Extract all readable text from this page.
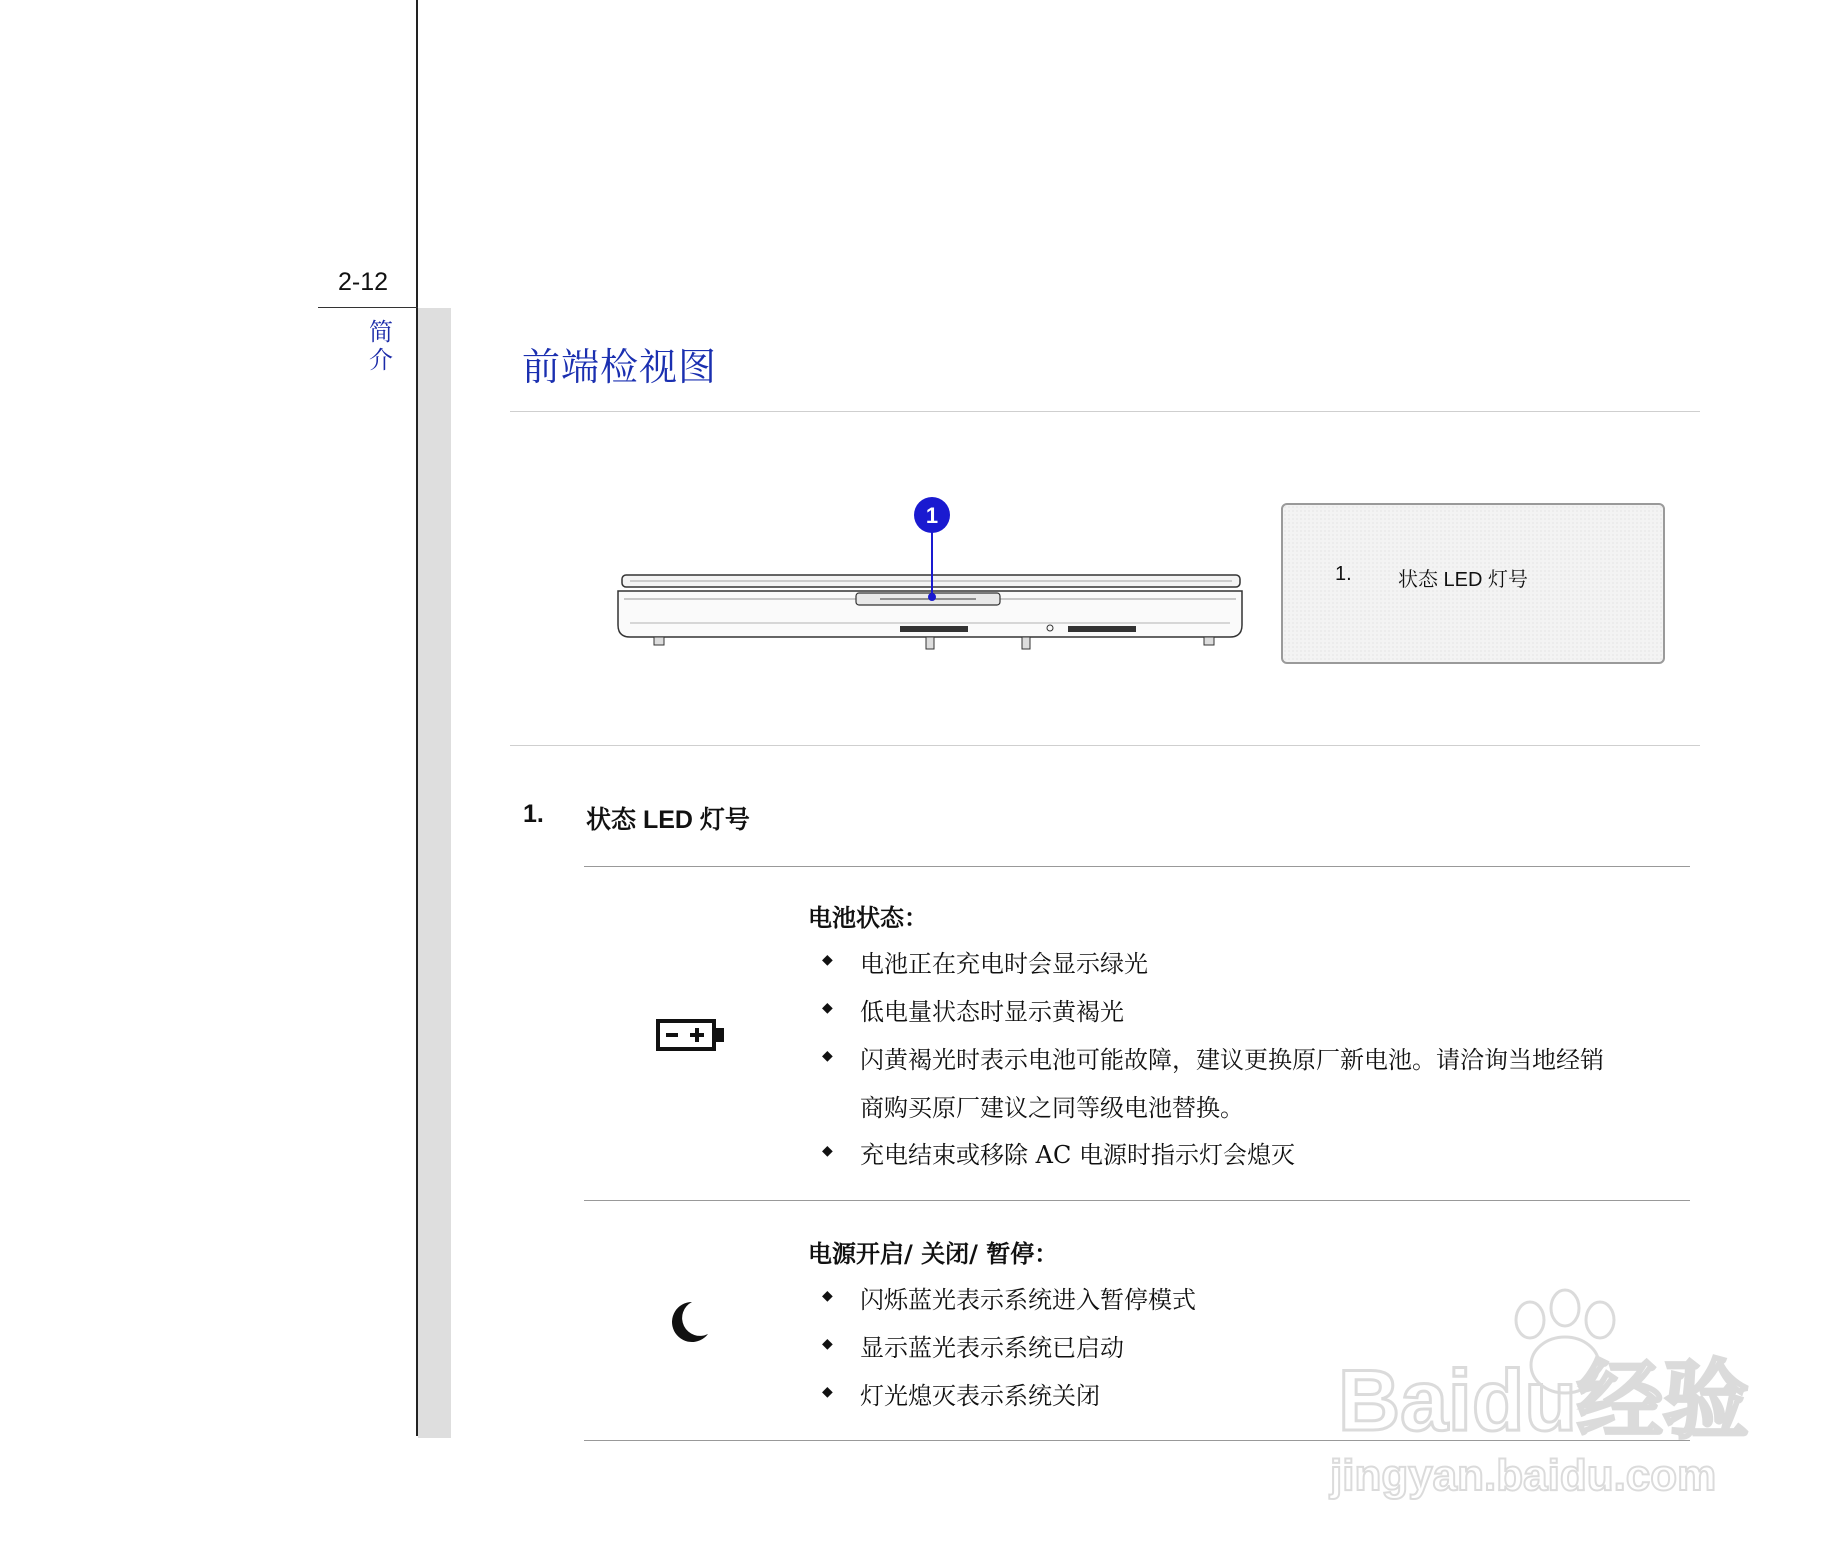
2-12
简介	前端检视图
1
1. 状态 LED 灯号
1. 状态 LED 灯号
电池状态：
◆ 电池正在充电时会显示绿光
◆ 低电量状态时显示黄褐光
◆ 闪黄褐光时表示电池可能故障，建议更换原厂新电池。请洽询当地经销
商购买原厂建议之同等级电池替换。
◆ 充电结束或移除 AC 电源时指示灯会熄灭
电源开启/ 关闭/ 暂停：
◆ 闪烁蓝光表示系统进入暂停模式
◆ 显示蓝光表示系统已启动
◆ 灯光熄灭表示系统关闭	Baidu经验
jingyan.baidu.com
